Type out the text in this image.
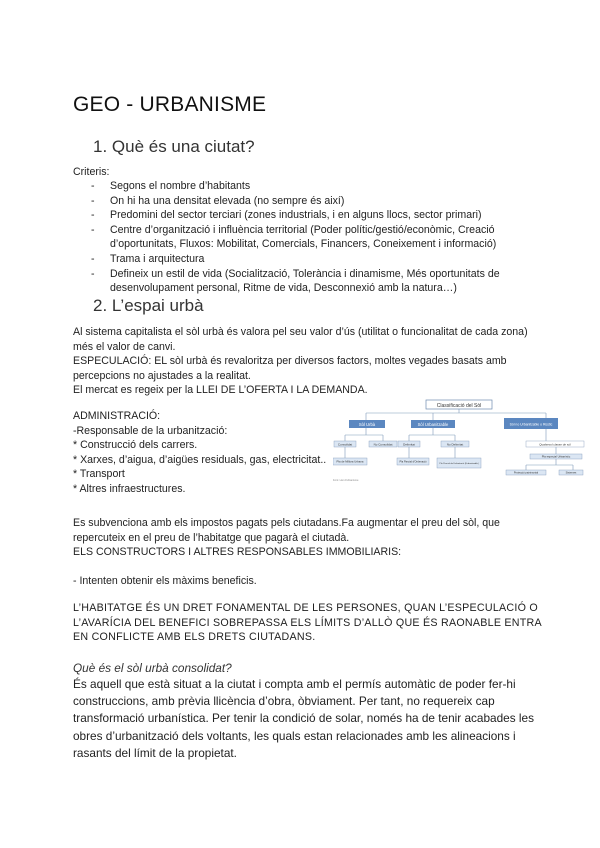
GEO - URBANISME
1. Què és una ciutat?
Criteris:
- Segons el nombre d’habitants
- On hi ha una densitat elevada (no sempre és així)
- Predomini del sector terciari (zones industrials, i en alguns llocs, sector primari)
- Centre d’organització i influència territorial (Poder polític/gestió/econòmic, Creació d’oportunitats, Fluxos: Mobilitat, Comercials, Financers, Coneixement i informació)
- Trama i arquitectura
- Defineix un estil de vida (Socialització, Tolerància i dinamisme, Més oportunitats de desenvolupament personal, Ritme de vida, Desconnexió amb la natura…)
2. L’espai urbà
Al sistema capitalista el sòl urbà és valora pel seu valor d’ús (utilitat o funcionalitat de cada zona) més el valor de canvi.
ESPECULACIÓ: EL sòl urbà és revaloritza per diversos factors, moltes vegades basats amb percepcions no ajustades a la realitat.
El mercat es regeix per la LLEI DE L’OFERTA I LA DEMANDA.
ADMINISTRACIÓ:
-Responsable de la urbanització:
* Construcció dels carrers.
* Xarxes, d’aigua, d’aigües residuals, gas, electricitat..
* Transport
* Altres infraestructures.
Classificació del Sòl
Sòl Urbà	Sòl Urbanitzable	Sòl no Urbanitzable o Rústic
Consolidat	No Consolidat	Delimitat	No Delimitat	Qualsevol classe de sòl
Pla de Millora Urbana	Pla Parcial d'Ordenació
Pla Parcial de Delimitació (Urbanitzable)
Pla especial Urbanístic
Protecció patrimonial	Sistemes
Font: Llei d'urbanisme
Es subvenciona amb els impostos pagats pels ciutadans.Fa augmentar el preu del sòl, que repercuteix en el preu de l’habitatge que pagarà el ciutadà.
ELS CONSTRUCTORS I ALTRES RESPONSABLES IMMOBILIARIS:
- Intenten obtenir els màxims beneficis.
L’HABITATGE ÉS UN DRET FONAMENTAL DE LES PERSONES, QUAN L’ESPECULACIÓ O L’AVARÍCIA DEL BENEFICI SOBREPASSA ELS LÍMITS D’ALLÒ QUE ÉS RAONABLE ENTRA EN CONFLICTE AMB ELS DRETS CIUTADANS.
Què és el sòl urbà consolidat?
És aquell que està situat a la ciutat i compta amb el permís automàtic de poder fer-hi construccions, amb prèvia llicència d’obra, òbviament. Per tant, no requereix cap transformació urbanística. Per tenir la condició de solar, només ha de tenir acabades les obres d’urbanització dels voltants, les quals estan relacionades amb les alineacions i rasants del límit de la propietat.
